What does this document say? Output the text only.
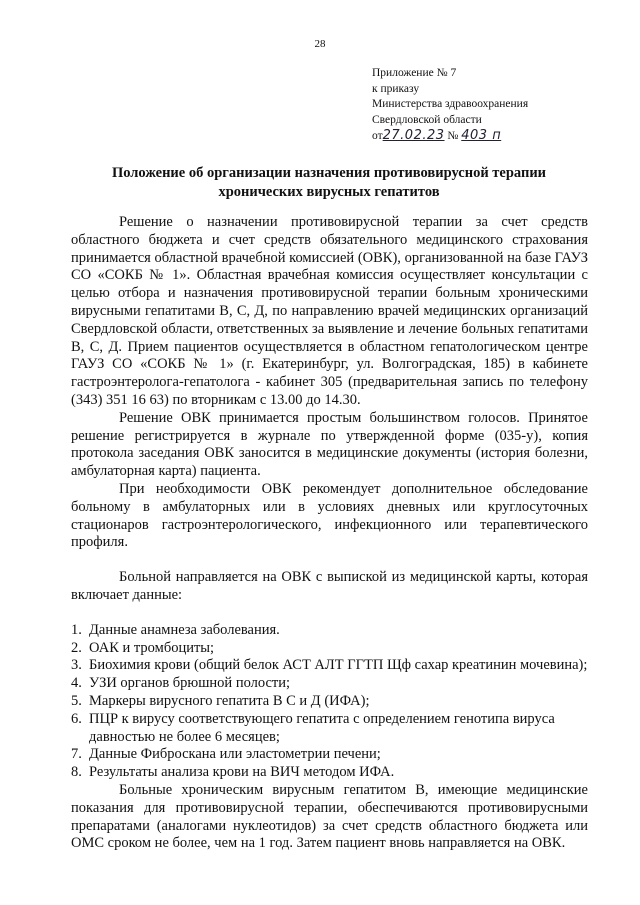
28
Приложение № 7
к приказу
Министерства здравоохранения
Свердловской области
от27.02.23 № 403 п
Положение об организации назначения противовирусной терапии хронических вирусных гепатитов

Решение о назначении противовирусной терапии за счет средств областного бюджета и счет средств обязательного медицинского страхования принимается областной врачебной комиссией (ОВК), организованной на базе ГАУЗ СО «СОКБ № 1». Областная врачебная комиссия осуществляет консультации с целью отбора и назначения противовирусной терапии больным хроническими вирусными гепатитами В, С, Д, по направлению врачей медицинских организаций Свердловской области, ответственных за выявление и лечение больных гепатитами В, С, Д. Прием пациентов осуществляется в областном гепатологическом центре ГАУЗ СО «СОКБ № 1» (г. Екатеринбург, ул. Волгоградская, 185) в кабинете гастроэнтеролога-гепатолога - кабинет 305 (предварительная запись по телефону (343) 351 16 63) по вторникам с 13.00 до 14.30.

Решение ОВК принимается простым большинством голосов. Принятое решение регистрируется в журнале по утвержденной форме (035-у), копия протокола заседания ОВК заносится в медицинские документы (история болезни, амбулаторная карта) пациента.

При необходимости ОВК рекомендует дополнительное обследование больному в амбулаторных или в условиях дневных или круглосуточных стационаров гастроэнтерологического, инфекционного или терапевтического профиля.

Больной направляется на ОВК с выпиской из медицинской карты, которая включает данные:

1. Данные анамнеза заболевания.
2. ОАК и тромбоциты;
3. Биохимия крови (общий белок АСТ АЛТ ГГТП Щф сахар креатинин мочевина);
4. УЗИ органов брюшной полости;
5. Маркеры вирусного гепатита В С и Д (ИФА);
6. ПЦР к вирусу соответствующего гепатита с определением генотипа вируса давностью не более 6 месяцев;
7. Данные Фиброскана или эластометрии печени;
8. Результаты анализа крови на ВИЧ методом ИФА.

Больные хроническим вирусным гепатитом В, имеющие медицинские показания для противовирусной терапии, обеспечиваются противовирусными препаратами (аналогами нуклеотидов) за счет средств областного бюджета или ОМС сроком не более, чем на 1 год. Затем пациент вновь направляется на ОВК.
